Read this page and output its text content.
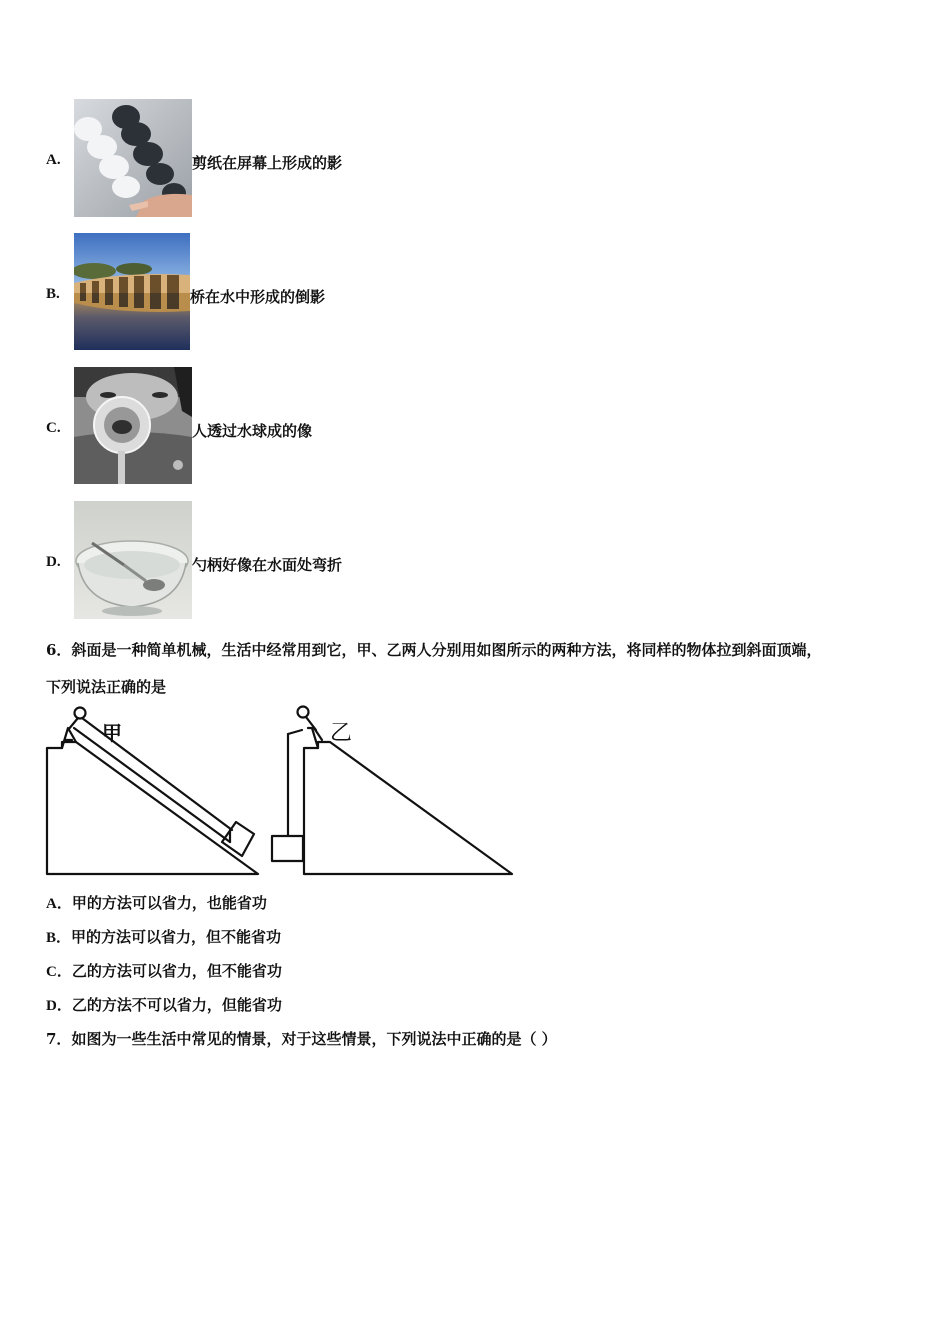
A.	剪纸在屏幕上形成的影
B.	桥在水中形成的倒影
C.	人透过水球成的像
D.	勺柄好像在水面处弯折
6．斜面是一种简单机械，生活中经常用到它，甲、乙两人分别用如图所示的两种方法，将同样的物体拉到斜面顶端，
下列说法正确的是
甲	乙
A．甲的方法可以省力，也能省功
B．甲的方法可以省力，但不能省功
C．乙的方法可以省力，但不能省功
D．乙的方法不可以省力，但能省功
7．如图为一些生活中常见的情景，对于这些情景，下列说法中正确的是（ ）
